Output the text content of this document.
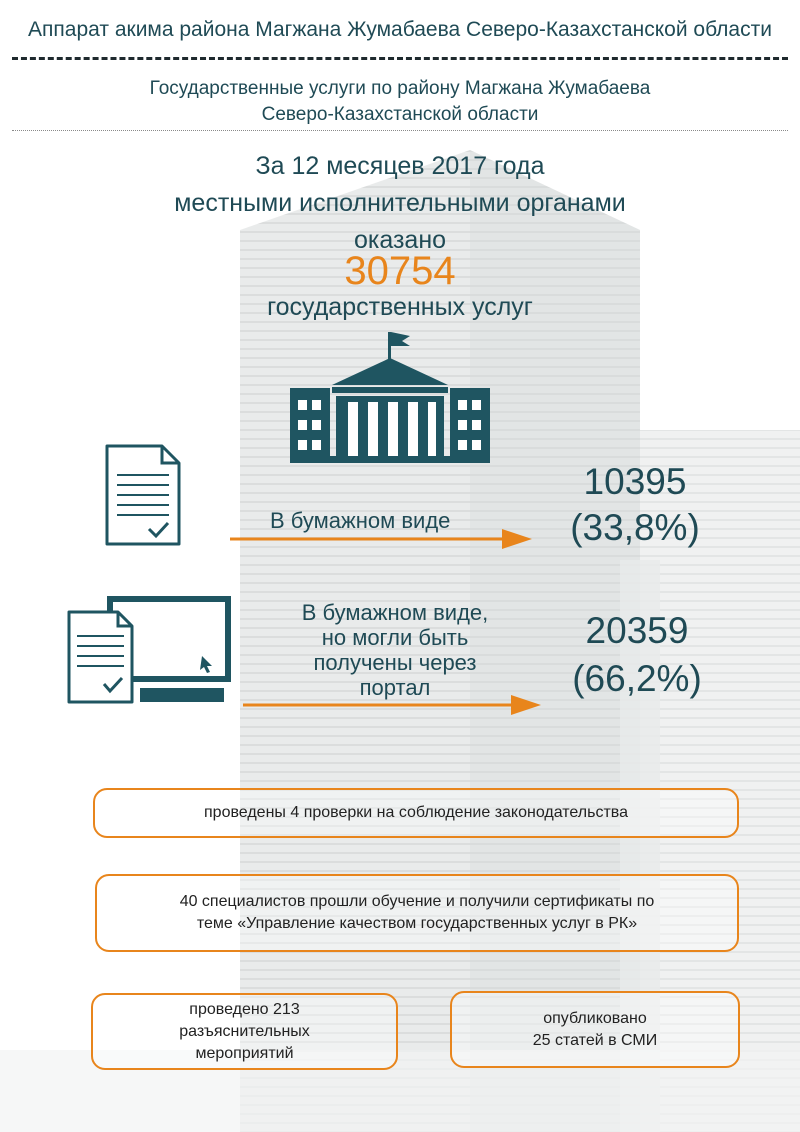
Аппарат акима района Магжана Жумабаева Северо-Казахстанской области
Государственные услуги по району Магжана Жумабаева
Северо-Казахстанской области
За 12 месяцев 2017 года
местными исполнительными органами
оказано
30754
государственных услуг
В бумажном виде
10395
(33,8%)
В бумажном виде,
но могли быть
получены через
портал
20359
(66,2%)
проведены 4 проверки на соблюдение законодательства
40 специалистов прошли обучение и получили сертификаты по
теме «Управление качеством государственных услуг в РК»
проведено 213
разъяснительных
мероприятий
опубликовано
25 статей в СМИ
